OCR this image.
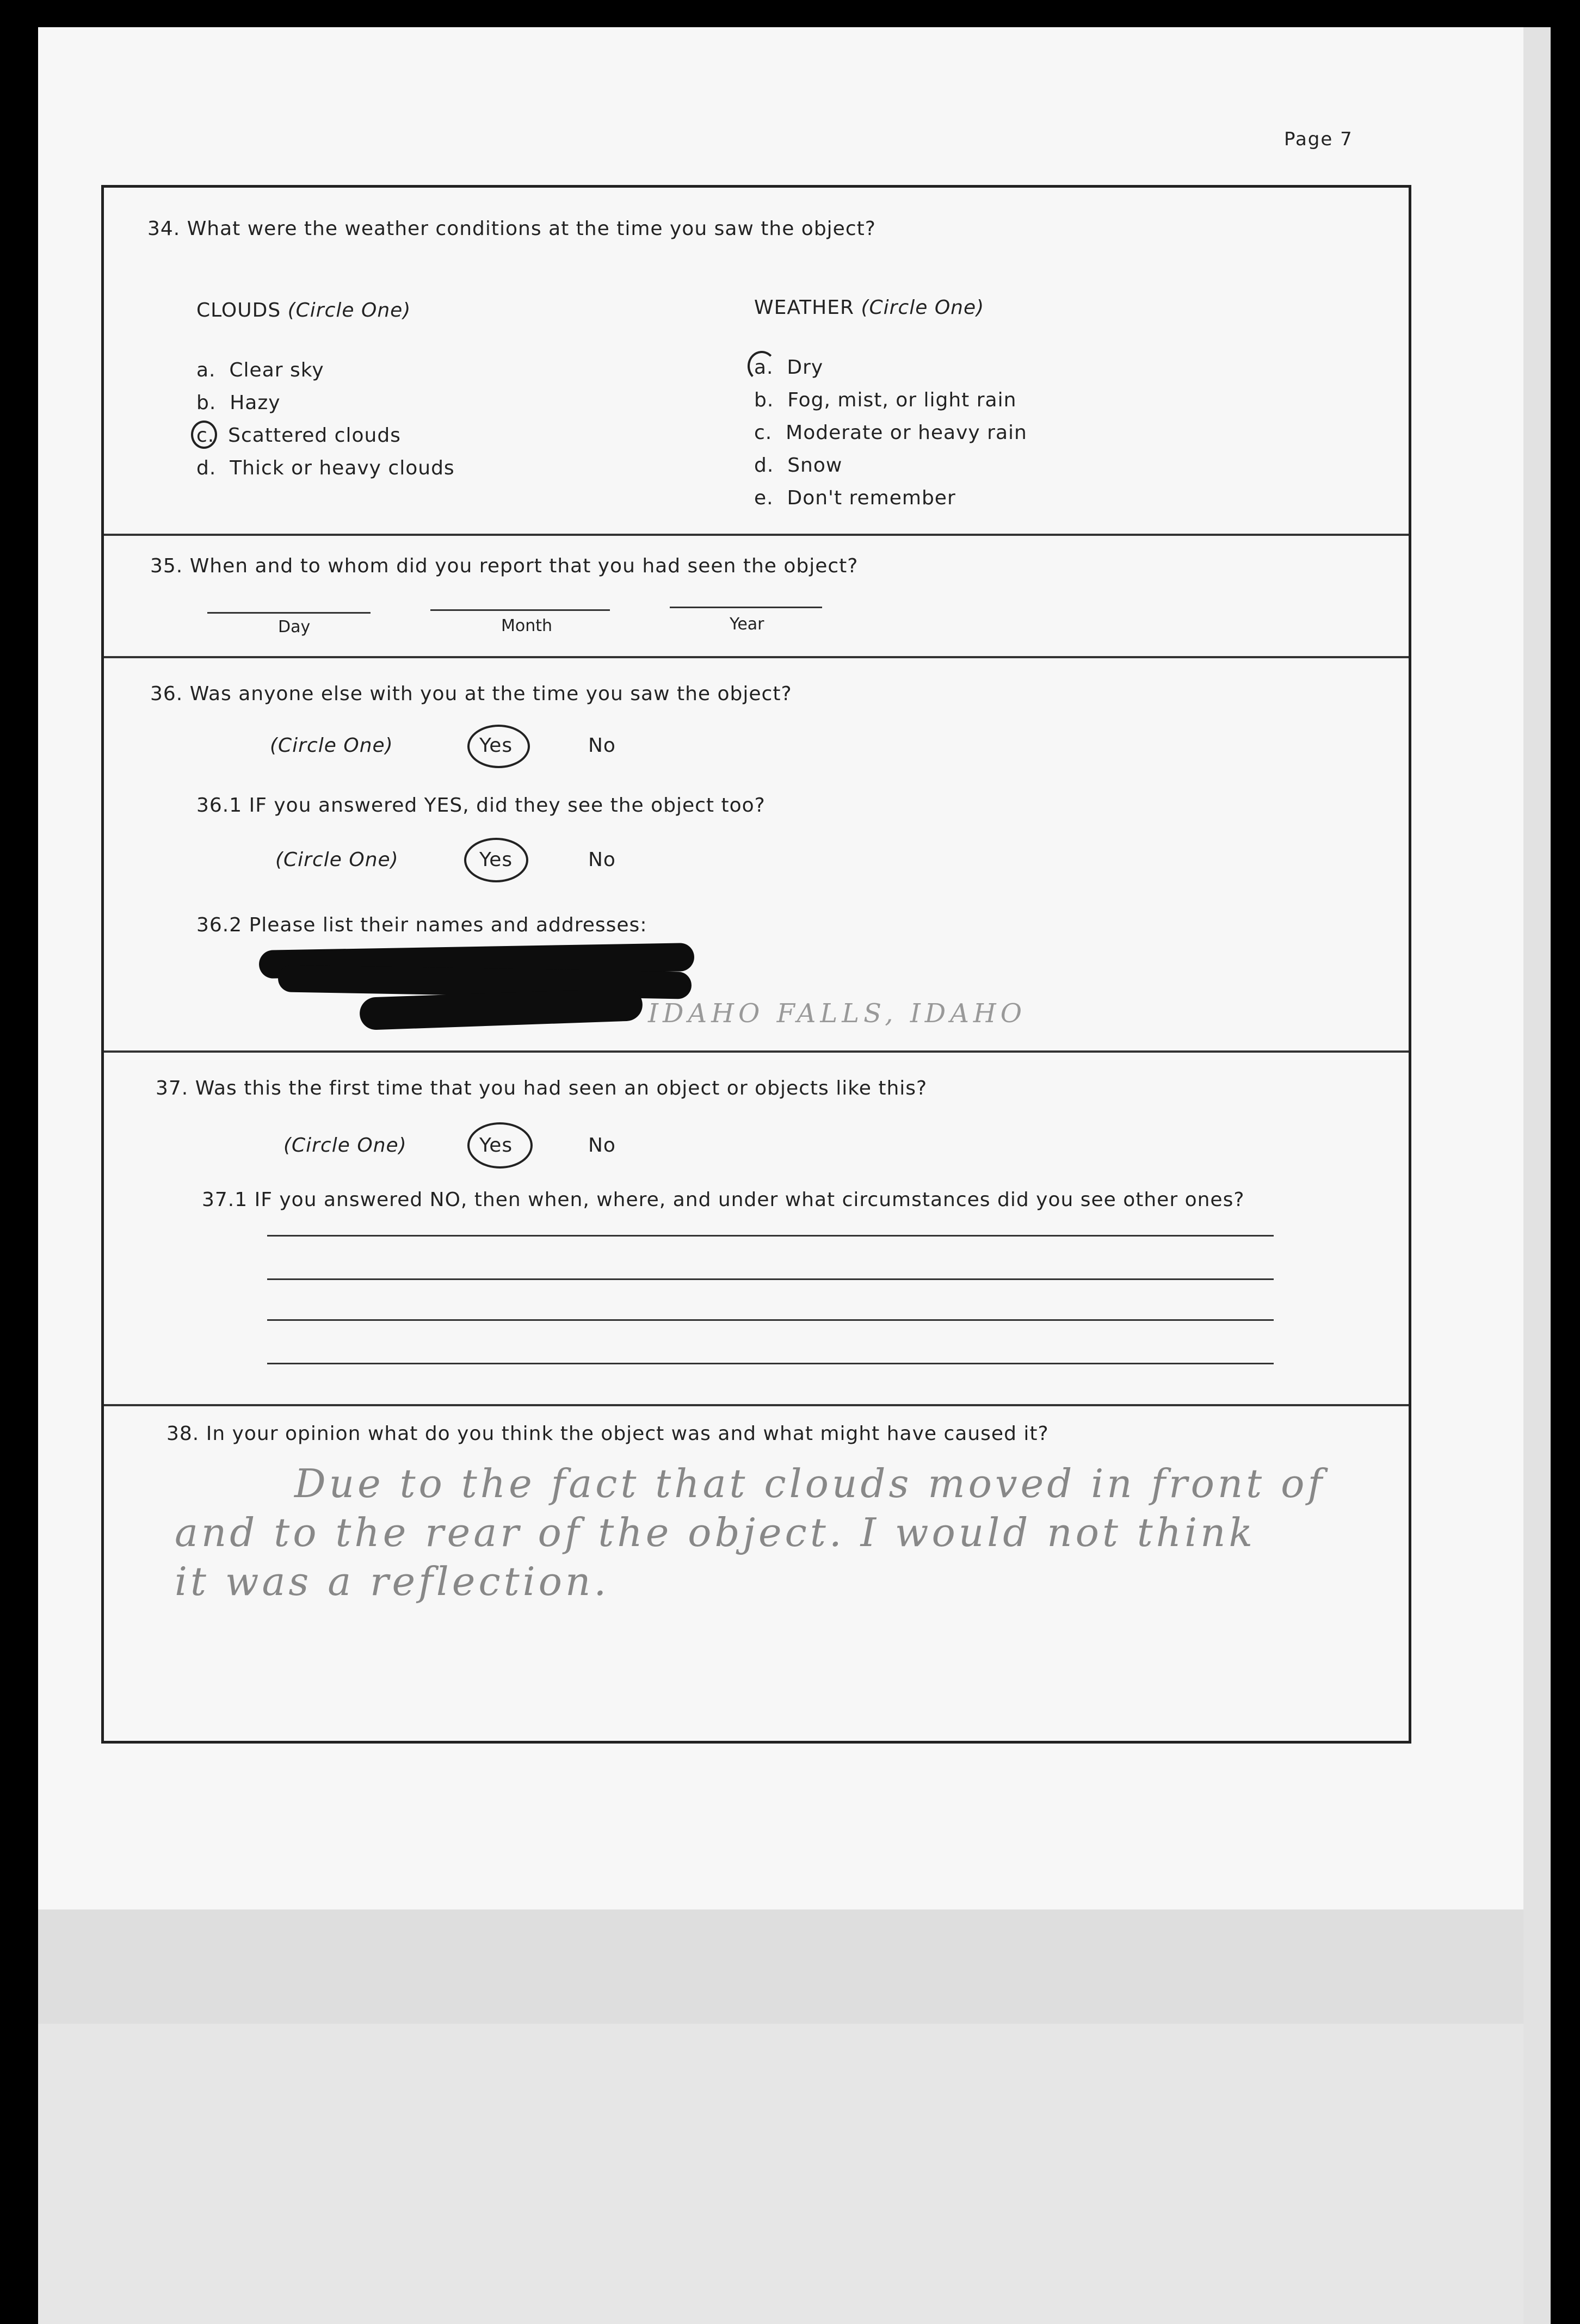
Page 7
34. What were the weather conditions at the time you saw the object?
CLOUDS (Circle One)
a. Clear sky
b. Hazy
c. Scattered clouds
d. Thick or heavy clouds
WEATHER (Circle One)
a. Dry
b. Fog, mist, or light rain
c. Moderate or heavy rain
d. Snow
e. Don't remember
35. When and to whom did you report that you had seen the object?
Day	Month	Year
36. Was anyone else with you at the time you saw the object?
(Circle One)	Yes	No
36.1 IF you answered YES, did they see the object too?
(Circle One)	Yes	No
36.2 Please list their names and addresses:
IDAHO FALLS, IDAHO
37. Was this the first time that you had seen an object or objects like this?
(Circle One)	Yes	No
37.1 IF you answered NO, then when, where, and under what circumstances did you see other ones?
38. In your opinion what do you think the object was and what might have caused it?
Due to the fact that clouds moved in front of
and to the rear of the object. I would not think
it was a reflection.
